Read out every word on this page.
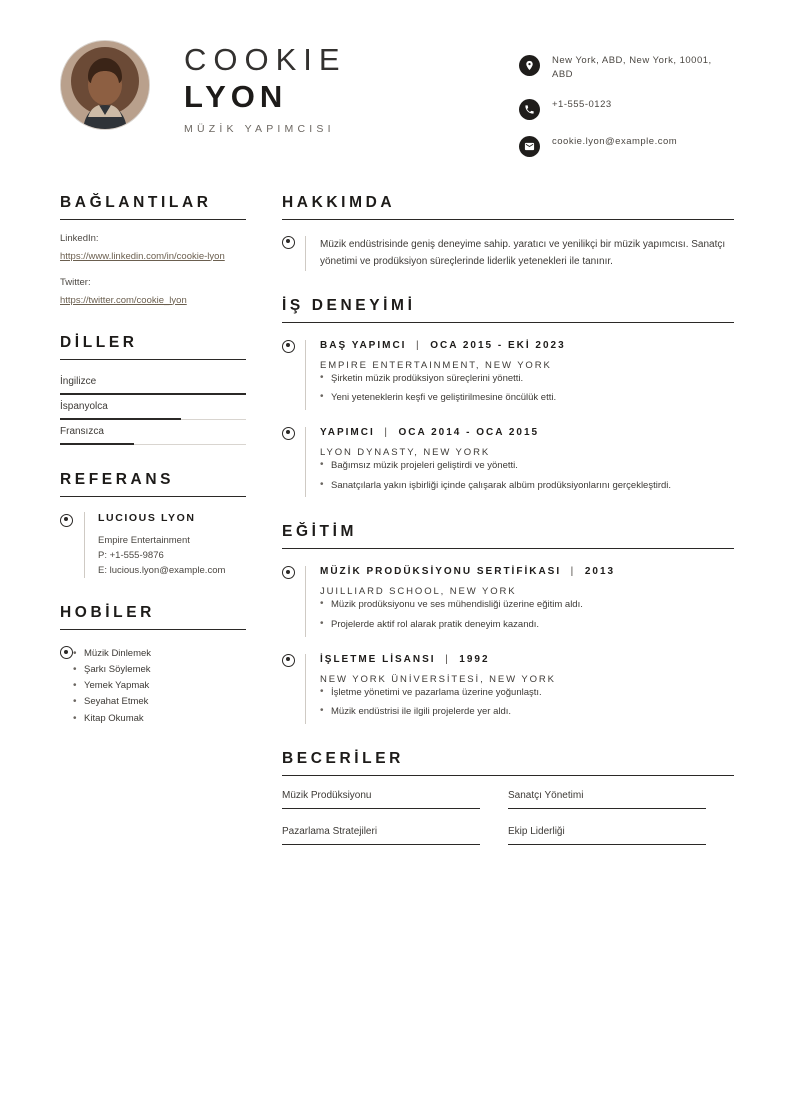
COOKIE
LYON
MÜZİK YAPIMCISI
New York, ABD, New York, 10001, ABD
+1-555-0123
cookie.lyon@example.com
BAĞLANTILAR
LinkedIn:
https://www.linkedin.com/in/cookie-lyon
Twitter:
https://twitter.com/cookie_lyon
DİLLER
İngilizce
İspanyolca
Fransızca
REFERANS
LUCIOUS LYON
Empire Entertainment
P: +1-555-9876
E: lucious.lyon@example.com
HOBİLER
• Müzik Dinlemek
• Şarkı Söylemek
• Yemek Yapmak
• Seyahat Etmek
• Kitap Okumak
HAKKIMDA
Müzik endüstrisinde geniş deneyime sahip. yaratıcı ve yenilikçi bir müzik yapımcısı. Sanatçı yönetimi ve prodüksiyon süreçlerinde liderlik yetenekleri ile tanınır.
İŞ DENEYİMİ
BAŞ YAPIMCI  |  OCA 2015 - EKİ 2023
EMPIRE ENTERTAINMENT, NEW YORK
• Şirketin müzik prodüksiyon süreçlerini yönetti.
• Yeni yeteneklerin keşfi ve geliştirilmesine öncülük etti.
YAPIMCI  |  OCA 2014 - OCA 2015
LYON DYNASTY, NEW YORK
• Bağımsız müzik projeleri geliştirdi ve yönetti.
• Sanatçılarla yakın işbirliği içinde çalışarak albüm prodüksiyonlarını gerçekleştirdi.
EĞİTİM
MÜZİK PRODÜKSİYONU SERTİFİKASI  |  2013
JUILLIARD SCHOOL, NEW YORK
• Müzik prodüksiyonu ve ses mühendisliği üzerine eğitim aldı.
• Projelerde aktif rol alarak pratik deneyim kazandı.
İŞLETME LİSANSI  |  1992
NEW YORK ÜNİVERSİTESİ, NEW YORK
• İşletme yönetimi ve pazarlama üzerine yoğunlaştı.
• Müzik endüstrisi ile ilgili projelerde yer aldı.
BECERİLER
Müzik Prodüksiyonu	Sanatçı Yönetimi
Pazarlama Stratejileri	Ekip Liderliği
